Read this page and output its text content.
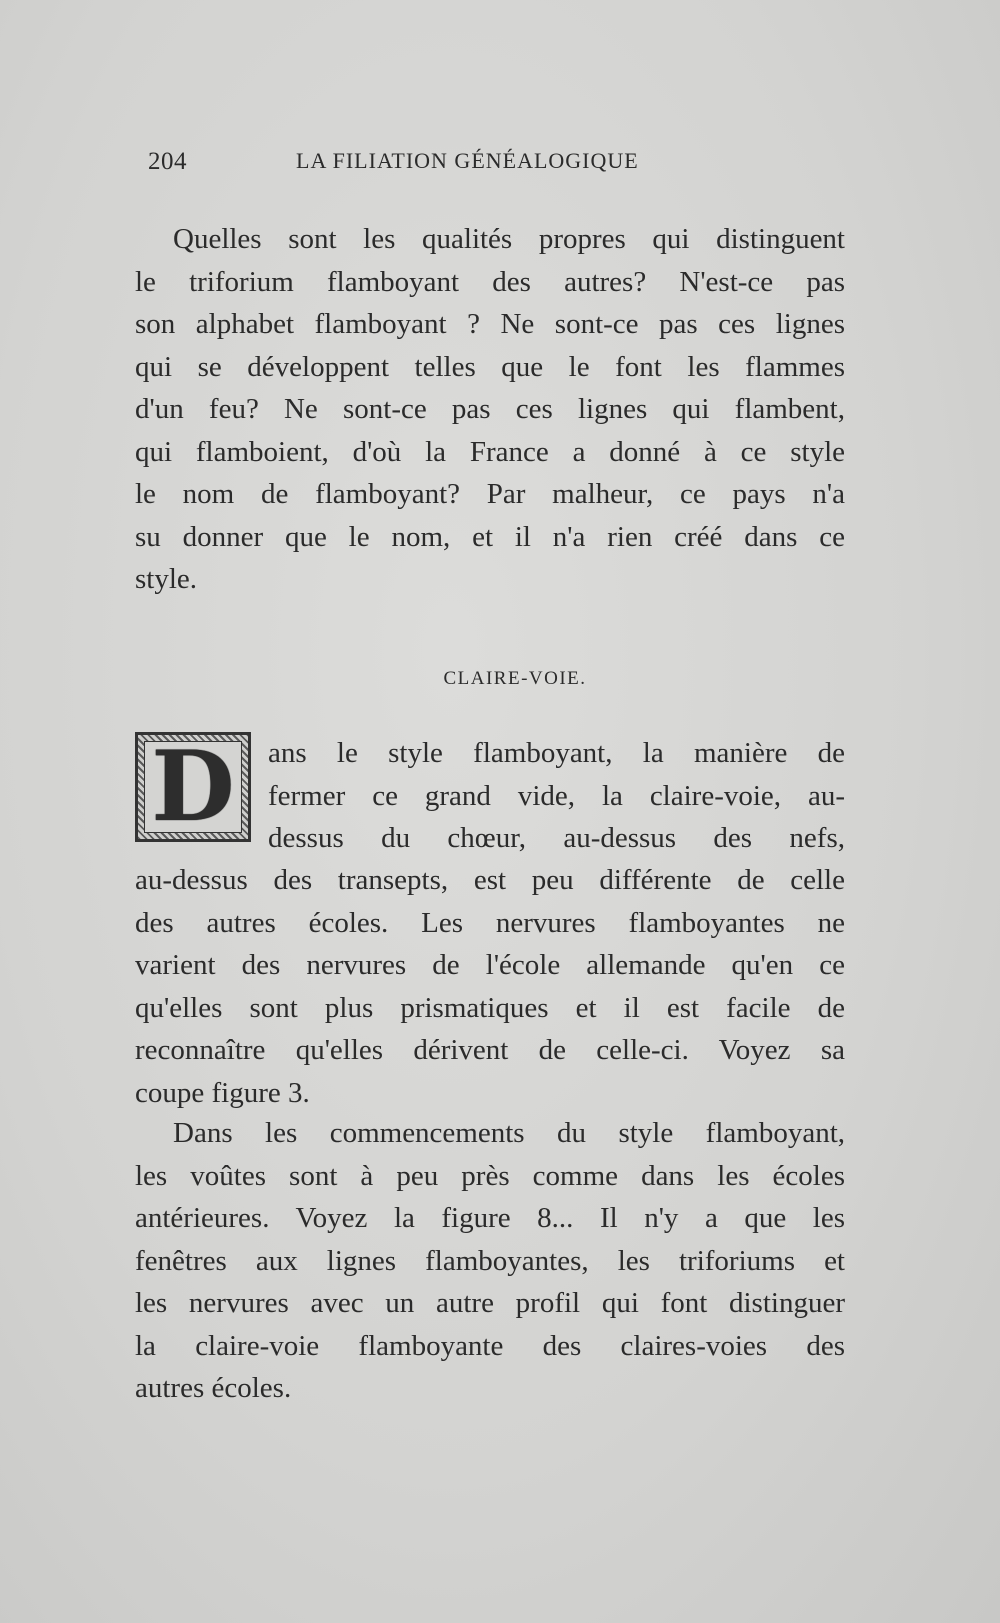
204	LA FILIATION GÉNÉALOGIQUE
Quelles sont les qualités propres qui distinguent
le triforium flamboyant des autres? N'est-ce pas
son alphabet flamboyant ? Ne sont-ce pas ces lignes
qui se développent telles que le font les flammes
d'un feu? Ne sont-ce pas ces lignes qui flambent,
qui flamboient, d'où la France a donné à ce style
le nom de flamboyant? Par malheur, ce pays n'a
su donner que le nom, et il n'a rien créé dans ce
style.
CLAIRE-VOIE.
D ans le style flamboyant, la manière de
fermer ce grand vide, la claire-voie, au-
dessus du chœur, au-dessus des nefs,
au-dessus des transepts, est peu différente de celle
des autres écoles. Les nervures flamboyantes ne
varient des nervures de l'école allemande qu'en ce
qu'elles sont plus prismatiques et il est facile de
reconnaître qu'elles dérivent de celle-ci. Voyez sa
coupe figure 3.
Dans les commencements du style flamboyant,
les voûtes sont à peu près comme dans les écoles
antérieures. Voyez la figure 8... Il n'y a que les
fenêtres aux lignes flamboyantes, les triforiums et
les nervures avec un autre profil qui font distinguer
la claire-voie flamboyante des claires-voies des
autres écoles.
